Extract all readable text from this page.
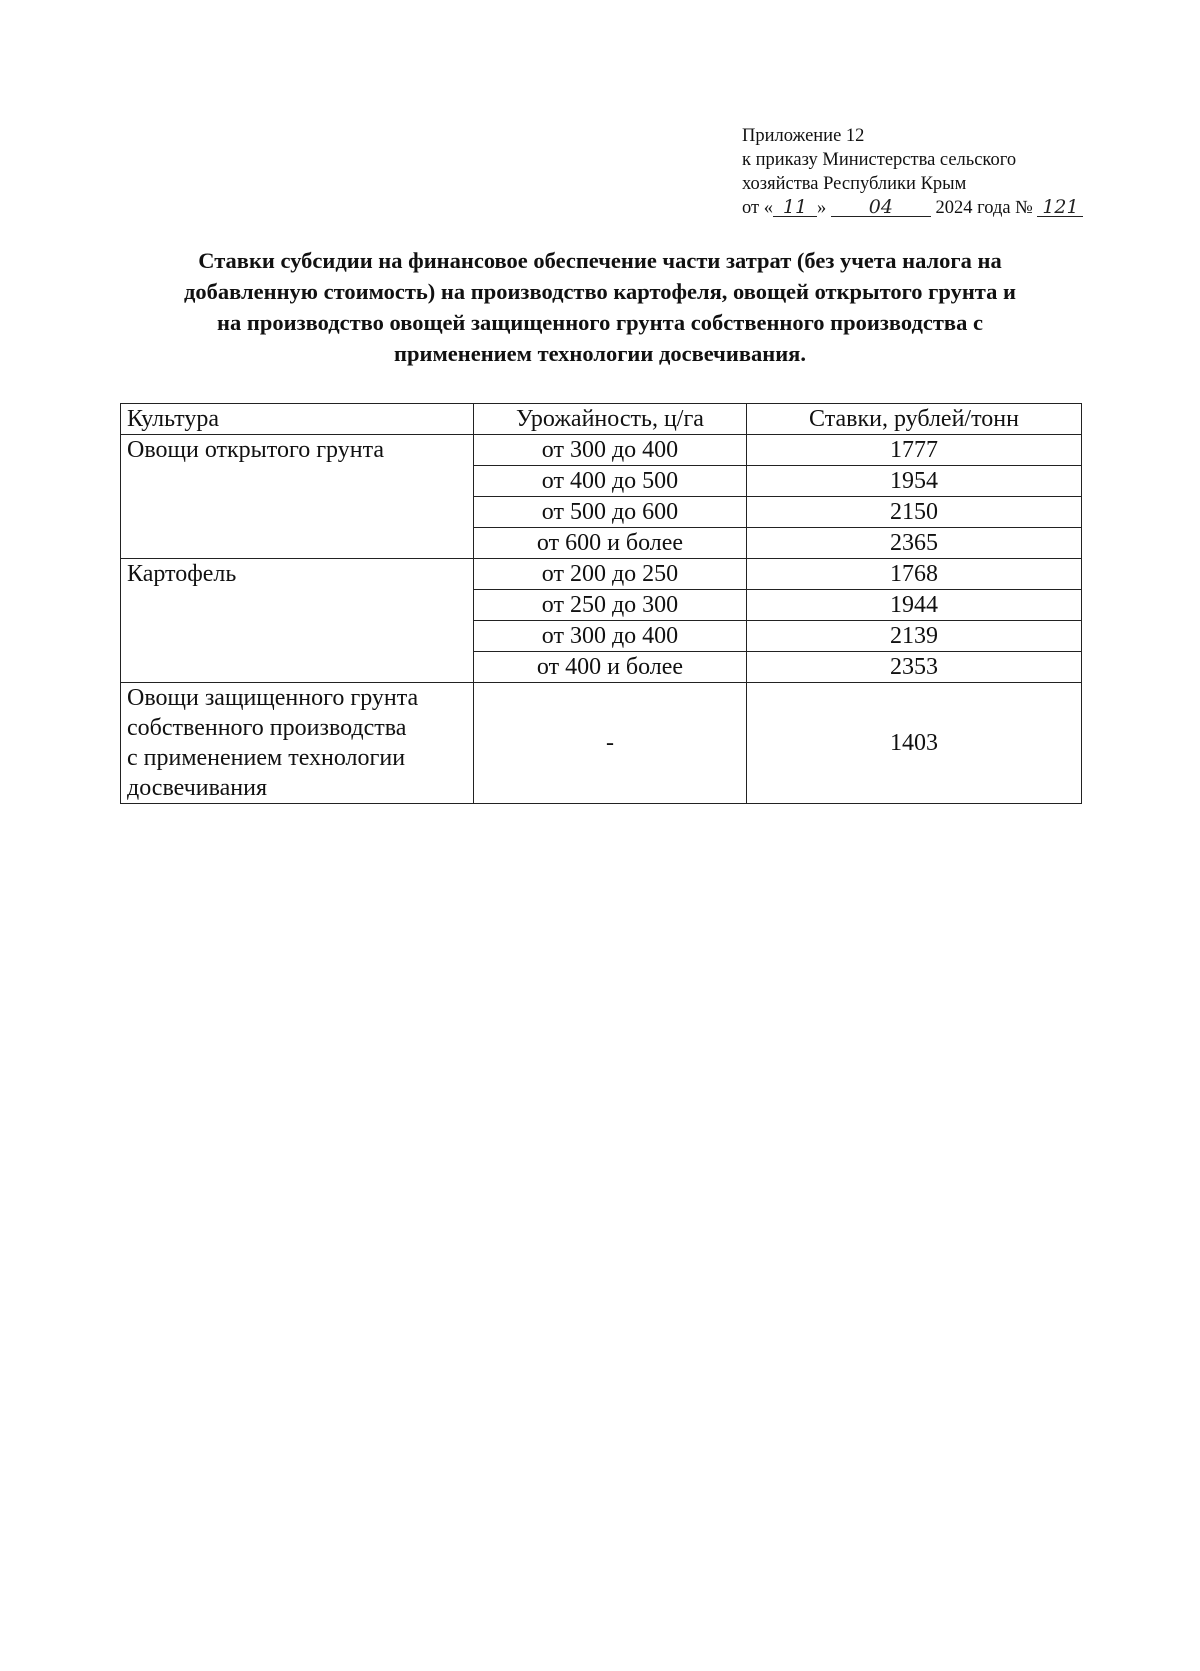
Приложение 12
к приказу Министерства сельского
хозяйства Республики Крым
от « 11 » 04 2024 года № 121
Ставки субсидии на финансовое обеспечение части затрат (без учета налога на
добавленную стоимость) на производство картофеля, овощей открытого грунта и
на производство овощей защищенного грунта собственного производства с
применением технологии досвечивания.
Культура	Урожайность, ц/га	Ставки, рублей/тонн
Овощи открытого грунта	от 300 до 400	1777
	от 400 до 500	1954
	от 500 до 600	2150
	от 600 и более	2365
Картофель	от 200 до 250	1768
	от 250 до 300	1944
	от 300 до 400	2139
	от 400 и более	2353

Овощи защищенного грунта
собственного производства
с применением технологии
досвечивания	-	1403
